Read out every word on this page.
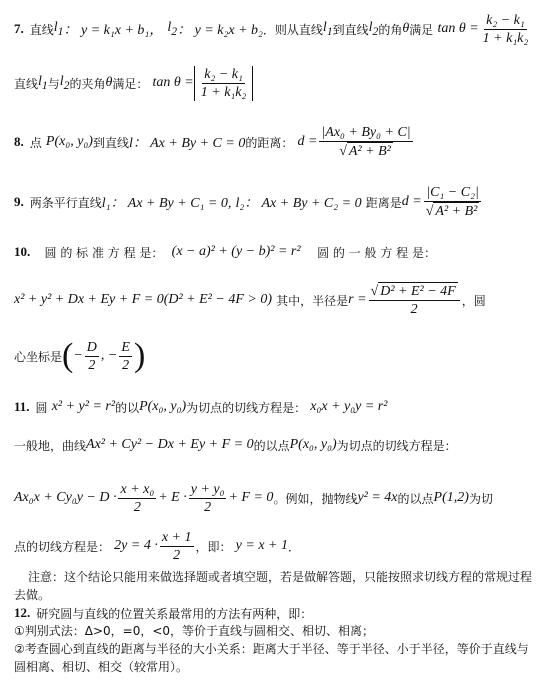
7. 直线 $l_1$ ： y = k₁x + b₁，
$l_2$ ： y = k₂x + b₂ ．则从直线 $l_1$ 到直线 $l_2$ 的角 θ 满足
$\tan \theta = \frac{\text{k₂ − k₁}}{\text{1 + k₁k₂}}$
直线 $l_1$ 与 $l_2$ 的夹角 θ 满足：
$\tan \theta = \frac{\text{k₂ − k₁}}{\text{1 + k₁k₂}}$
8. 点
P(x₀, y₀) 到直线 l： Ax + By + C = 0 的距离：
$d = \frac{\text{|Ax₀ + By₀ + C|}}{\text{√ A² + B²}}$
9. 两条平行直线 l₁： Ax + By + C₁ = 0,
l₂： Ax + By + C₂ = 0
距离是 $d = \frac{\text{|C₁ − C₂|}}{\text{√ A² + B²}}$
10.
圆 的 标 准 方 程 是：
(x − a)² + (y − b)² = r²
圆 的 一 般 方 程 是：
x² + y² + Dx + Ey + F = 0(D² + E² − 4F > 0)
其中，半径是 $r = \frac{\text{√ D² + E² − 4F}}{2}$ ，圆
心坐标是 ( − $\frac{D}{2}$ , − $\frac{E}{2}$ )
11. 圆
x² + y² = r² 的以 P(x₀, y₀) 为切点的切线方程是：
x₀x + y₀y = r²
一般地，曲线 Ax² + Cy² − Dx + Ey + F = 0 的以点 P(x₀, y₀) 为切点的切线方程是：
Ax₀x + Cy₀y − D ·
x + x₀
2
+ E ·
y + y₀
2
+ F = 0 。例如，抛物线 y² = 4x 的以点 P(1,2) 为切
点的切线方程是：
2y = 4 ·
x + 1
2
，即：
y = x + 1 ．

注意：这个结论只能用来做选择题或者填空题，若是做解答题，只能按照求切线方程的常规过程去做。

12. 研究圆与直线的位置关系最常用的方法有两种，即：

①判别式法：Δ>0，=0，<0，等价于直线与圆相交、相切、相离；

②考查圆心到直线的距离与半径的大小关系：距离大于半径、等于半径、小于半径，等价于直线与圆相离、相切、相交（较常用）。
